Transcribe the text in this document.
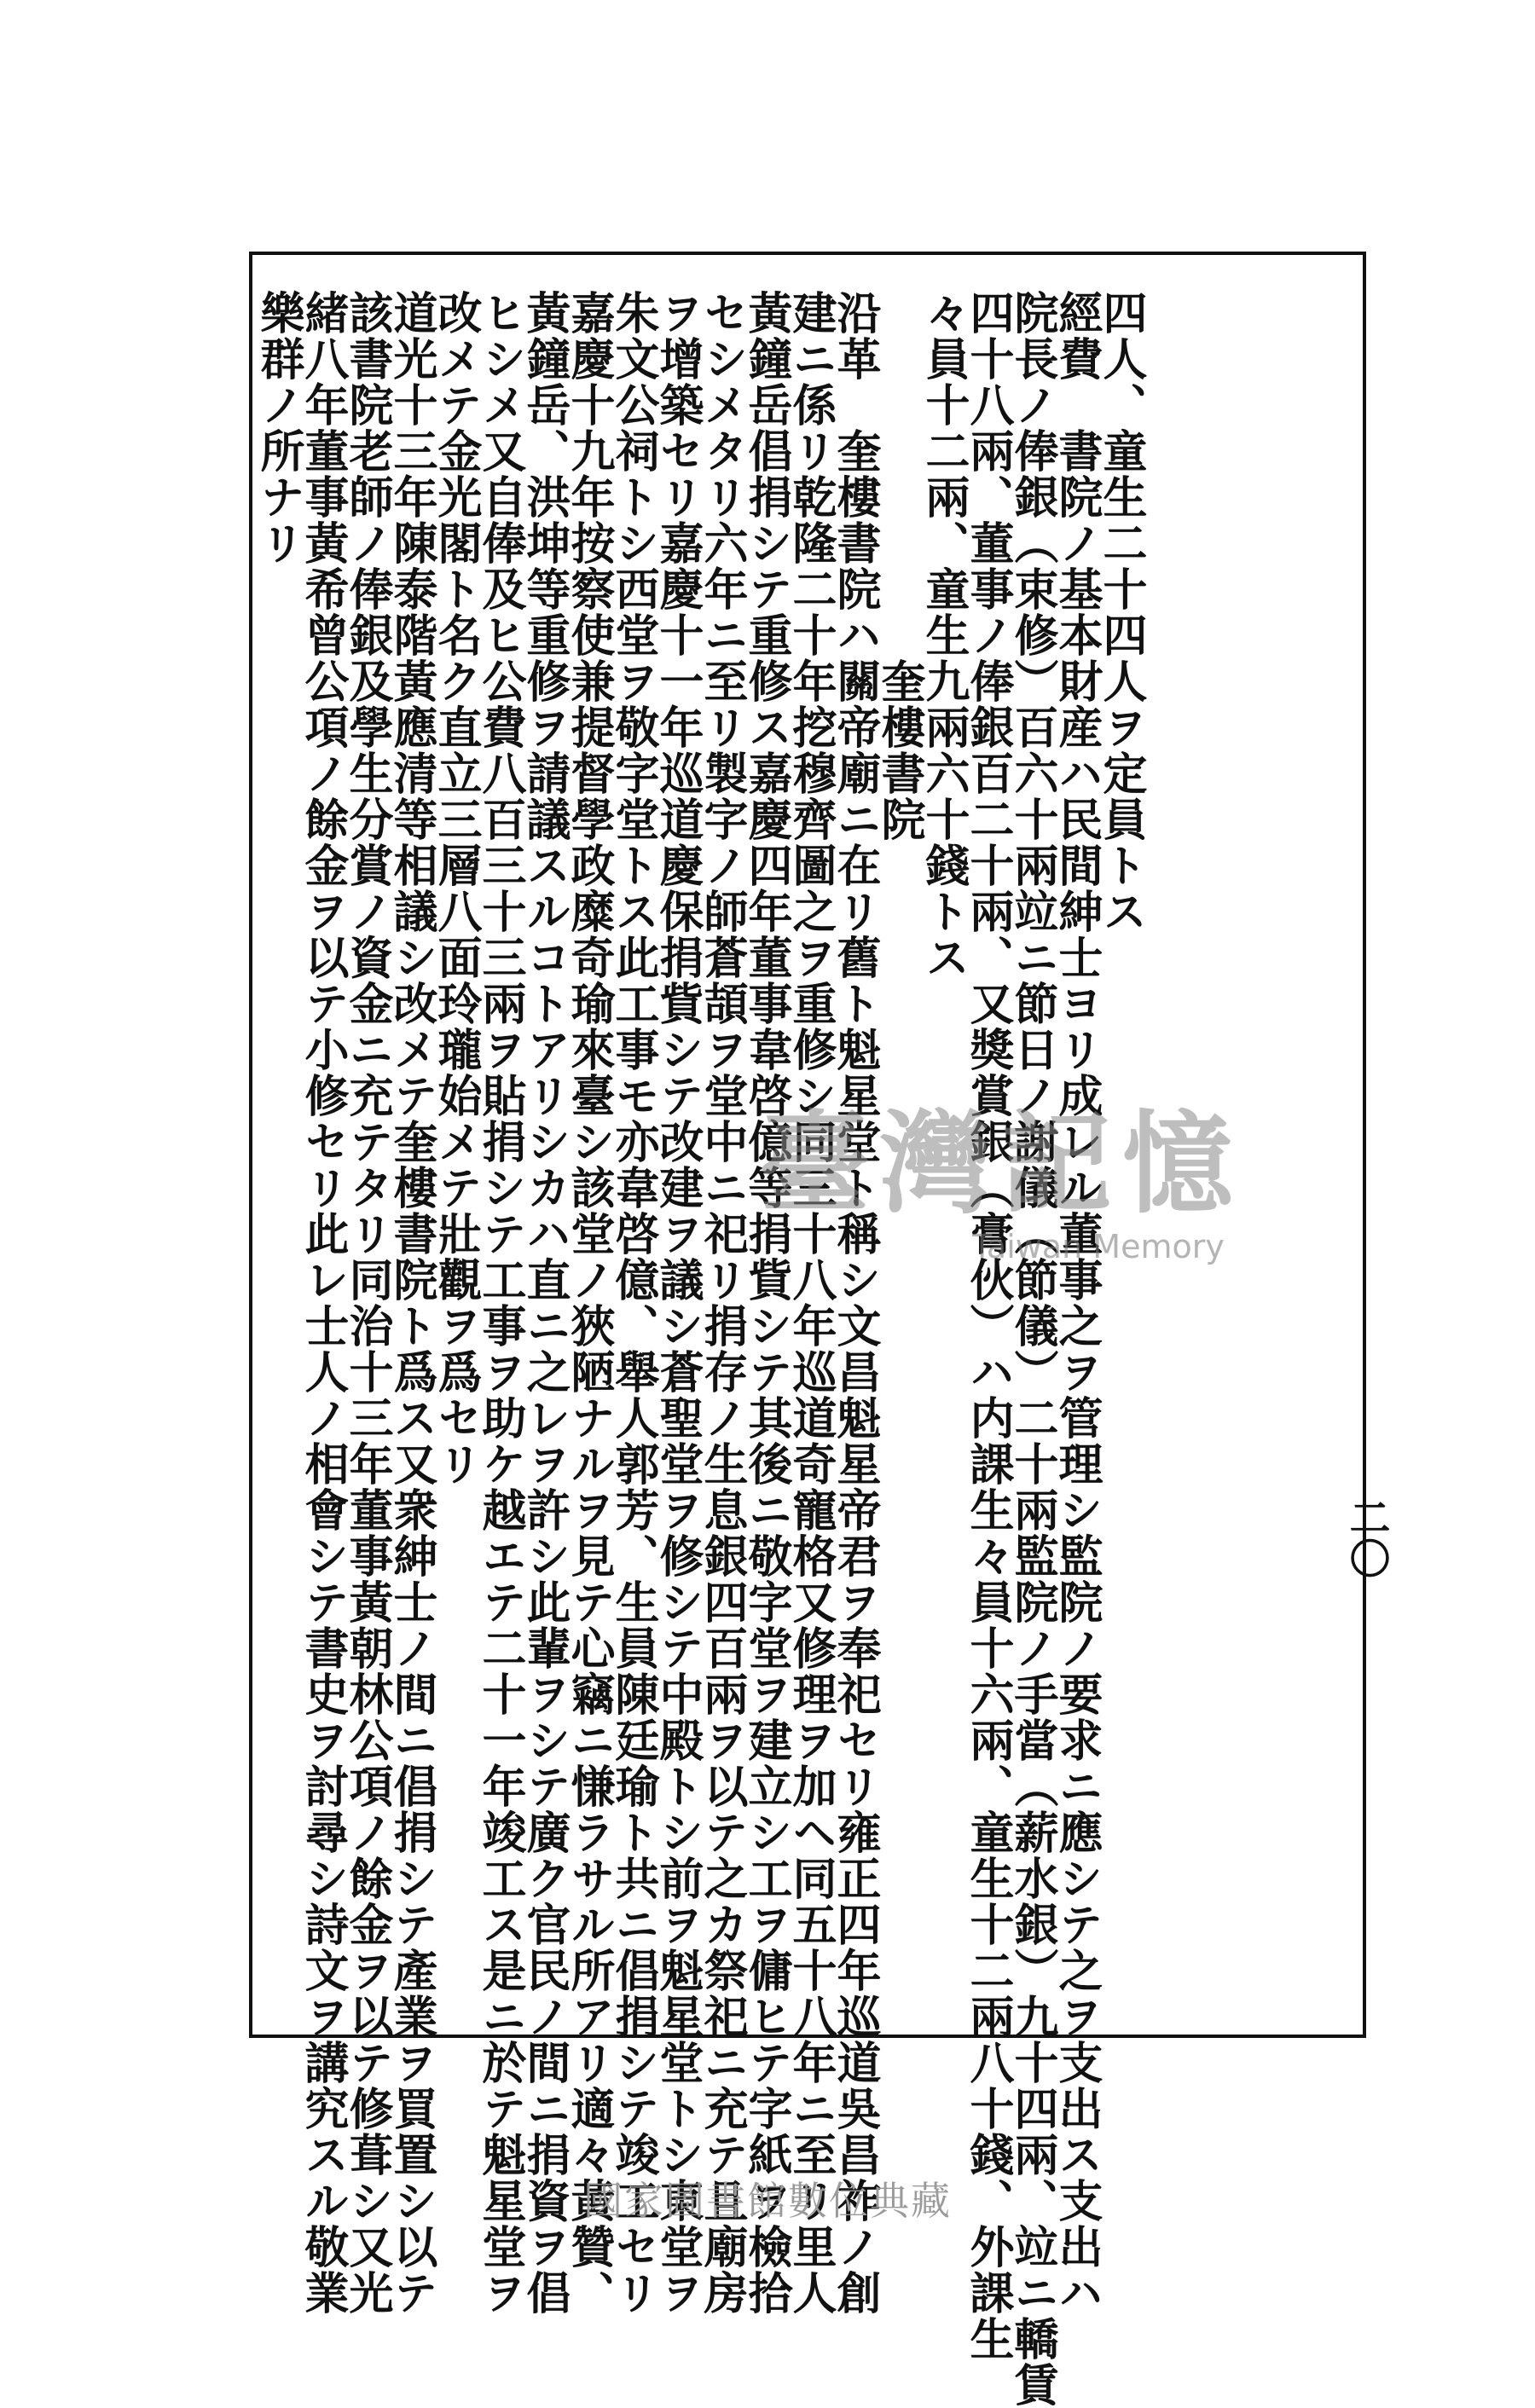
二〇
四人、童生二十四人ヲ定員トス
經費　書院ノ基本財産ハ民間紳士ヨリ成レル董事之ヲ管理シ監院ノ要求ニ應シテ之ヲ支出ス支出ハ
院長ノ俸銀（束修）百六十兩竝ニ節日ノ謝儀（節儀）二十兩監院ノ手當（薪水銀）九十四兩、竝ニ轎賃
四十八兩、董事ノ俸銀百二十兩、又獎賞銀（膏伙）ハ内課生々員十六兩、童生十二兩八十錢、外課生
々員十二兩、童生九兩六十錢トス
　　　　　　　　奎樓書院
沿革　奎樓書院ハ關帝廟ニ在リ舊ト魁星堂ト稱シ文昌魁星帝君ヲ奉祀セリ雍正四年巡道吳昌祚ノ創
建ニ係リ乾隆二十年挖穆齊圖之ヲ重修シ同三十八年巡道奇寵格又修理ヲ加ヘ同五十八年ニ至リ里人
黃鐘岳倡捐シテ重修ス嘉慶四年董事韋啓億等捐貲シテ其後ニ敬字堂ヲ建立シ工ヲ傭ヒテ字紙ヲ檢拾
セシメタリ六年ニ至リ製字ノ師蒼頡ヲ堂中ニ祀リ捐存ノ生息銀四百兩ヲ以テ之カ祭祀ニ充テ且廟房
ヲ增築セリ嘉慶十一年巡道慶保捐貲シテ改建ヲ議シ蒼聖堂ヲ修シテ中殿トシ前ヲ魁星堂トシ東堂ヲ
朱文公祠トシ西堂ヲ敬字堂トス此工事モ亦韋啓億、舉人郭芳、生員陳廷瑜ト共ニ倡捐シテ竣工セリ
嘉慶十九年按察使兼提督學政糜奇瑜來臺シ該堂ノ狹陋ナルヲ見テ心竊ニ慊ラサル所アリ適々黃贊、
黃鐘岳、洪坤等重修ヲ請議スルコトアリシカハ直ニ之レヲ許シ此輩ヲシテ廣ク官民ノ間ニ捐資ヲ倡
ヒシメ又自俸及ヒ公費八百三十三兩ヲ貼捐シテ工事ヲ助ケ越エテ二十一年竣工ス是ニ於テ魁星堂ヲ
改メテ金光閣ト名ク直立三層八面玲瓏始メテ壯觀ヲ爲セリ
道光十三年陳泰階黃應清等相議シ改メテ奎樓書院ト爲ス又衆紳士ノ間ニ倡捐シテ產業ヲ買置シ以テ
該書院老師ノ俸銀及學生分賞ノ資金ニ充テタリ同治十三年董事黃朝林公項ノ餘金ヲ以テ修葺シ又光
緒八年董事黃希曾公項ノ餘金ヲ以テ小修セリ此レ士人ノ相會シテ書史ヲ討尋シ詩文ヲ講究スル敬業
樂群ノ所ナリ
臺灣記憶
Taiwan Memory
國家圖書館數位典藏
